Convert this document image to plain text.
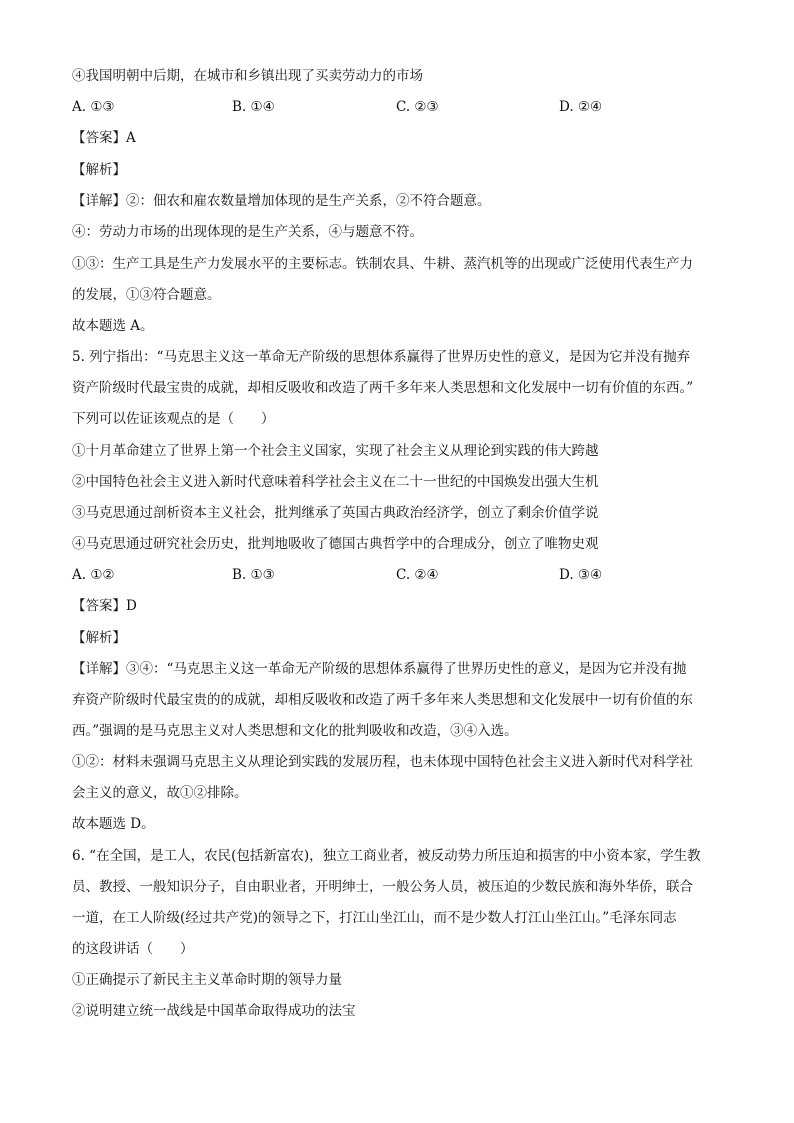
④我国明朝中后期，在城市和乡镇出现了买卖劳动力的市场
A. ①③	B. ①④	C. ②③	D. ②④
【答案】A
【解析】
【详解】②：佃农和雇农数量增加体现的是生产关系，②不符合题意。
④：劳动力市场的出现体现的是生产关系，④与题意不符。
①③：生产工具是生产力发展水平的主要标志。铁制农具、牛耕、蒸汽机等的出现或广泛使用代表生产力
的发展，①③符合题意。
故本题选 A。
5. 列宁指出：“马克思主义这一革命无产阶级的思想体系赢得了世界历史性的意义，是因为它并没有抛弃
资产阶级时代最宝贵的成就，却相反吸收和改造了两千多年来人类思想和文化发展中一切有价值的东西。”
下列可以佐证该观点的是（　　）
①十月革命建立了世界上第一个社会主义国家，实现了社会主义从理论到实践的伟大跨越
②中国特色社会主义进入新时代意味着科学社会主义在二十一世纪的中国焕发出强大生机
③马克思通过剖析资本主义社会，批判继承了英国古典政治经济学，创立了剩余价值学说
④马克思通过研究社会历史，批判地吸收了德国古典哲学中的合理成分，创立了唯物史观
A. ①②	B. ①③	C. ②④	D. ③④
【答案】D
【解析】
【详解】③④：“马克思主义这一革命无产阶级的思想体系赢得了世界历史性的意义，是因为它并没有抛
弃资产阶级时代最宝贵的的成就，却相反吸收和改造了两千多年来人类思想和文化发展中一切有价值的东
西。”强调的是马克思主义对人类思想和文化的批判吸收和改造，③④入选。
①②：材料未强调马克思主义从理论到实践的发展历程，也未体现中国特色社会主义进入新时代对科学社
会主义的意义，故①②排除。
故本题选 D。
6. “在全国，是工人，农民(包括新富农)，独立工商业者，被反动势力所压迫和损害的中小资本家，学生教
员、教授、一般知识分子，自由职业者，开明绅士，一般公务人员，被压迫的少数民族和海外华侨，联合
一道，在工人阶级(经过共产党)的领导之下，打江山坐江山，而不是少数人打江山坐江山。”毛泽东同志
的这段讲话（　　）
①正确提示了新民主主义革命时期的领导力量
②说明建立统一战线是中国革命取得成功的法宝
